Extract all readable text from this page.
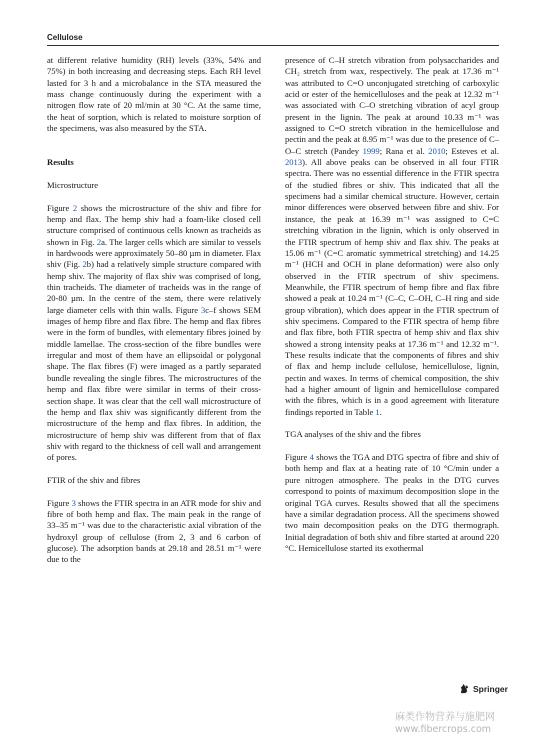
Cellulose

at different relative humidity (RH) levels (33%, 54% and 75%) in both increasing and decreasing steps. Each RH level lasted for 3 h and a microbalance in the STA measured the mass change continuously during the experiment with a nitrogen flow rate of 20 ml/min at 30 °C. At the same time, the heat of sorption, which is related to moisture sorption of the specimens, was also measured by the STA.

Results
Microstructure

Figure 2 shows the microstructure of the shiv and fibre for hemp and flax. The hemp shiv had a foam-like closed cell structure comprised of continuous cells known as tracheids as shown in Fig. 2a. The larger cells which are similar to vessels in hardwoods were approximately 50–80 µm in diameter. Flax shiv (Fig. 2b) had a relatively simple structure compared with hemp shiv. The majority of flax shiv was comprised of long, thin tracheids. The diameter of tracheids was in the range of 20-80 µm. In the centre of the stem, there were relatively large diameter cells with thin walls. Figure 3c–f shows SEM images of hemp fibre and flax fibre. The hemp and flax fibres were in the form of bundles, with elementary fibres joined by middle lamellae. The cross-section of the fibre bundles were irregular and most of them have an ellipsoidal or polygonal shape. The flax fibres (F) were imaged as a partly separated bundle revealing the single fibres. The microstructures of the hemp and flax fibre were similar in terms of their cross-section shape. It was clear that the cell wall microstructure of the hemp and flax shiv was significantly different from the microstructure of the hemp and flax fibres. In addition, the microstructure of hemp shiv was different from that of flax shiv with regard to the thickness of cell wall and arrangement of pores.

FTIR of the shiv and fibres

Figure 3 shows the FTIR spectra in an ATR mode for shiv and fibre of both hemp and flax. The main peak in the range of 33–35 m⁻¹ was due to the characteristic axial vibration of the hydroxyl group of cellulose (from 2, 3 and 6 carbon of glucose). The adsorption bands at 29.18 and 28.51 m⁻¹ were due to the

presence of C–H stretch vibration from polysaccharides and CH₂ stretch from wax, respectively. The peak at 17.36 m⁻¹ was attributed to C=O unconjugated stretching of carboxylic acid or ester of the hemicelluloses and the peak at 12.32 m⁻¹ was associated with C–O stretching vibration of acyl group present in the lignin. The peak at around 10.33 m⁻¹ was assigned to C=O stretch vibration in the hemicellulose and pectin and the peak at 8.95 m⁻¹ was due to the presence of C–O–C stretch (Pandey 1999; Rana et al. 2010; Esteves et al. 2013). All above peaks can be observed in all four FTIR spectra. There was no essential difference in the FTIR spectra of the studied fibres or shiv. This indicated that all the specimens had a similar chemical structure. However, certain minor differences were observed between fibre and shiv. For instance, the peak at 16.39 m⁻¹ was assigned to C=C stretching vibration in the lignin, which is only observed in the FTIR spectrum of hemp shiv and flax shiv. The peaks at 15.06 m⁻¹ (C=C aromatic symmetrical stretching) and 14.25 m⁻¹ (HCH and OCH in plane deformation) were also only observed in the FTIR spectrum of shiv specimens. Meanwhile, the FTIR spectrum of hemp fibre and flax fibre showed a peak at 10.24 m⁻¹ (C–C, C–OH, C–H ring and side group vibration), which does appear in the FTIR spectrum of shiv specimens. Compared to the FTIR spectra of hemp fibre and flax fibre, both FTIR spectra of hemp shiv and flax shiv showed a strong intensity peaks at 17.36 m⁻¹ and 12.32 m⁻¹. These results indicate that the components of fibres and shiv of flax and hemp include cellulose, hemicellulose, lignin, pectin and waxes. In terms of chemical composition, the shiv had a higher amount of lignin and hemicellulose compared with the fibres, which is in a good agreement with literature findings reported in Table 1.

TGA analyses of the shiv and the fibres

Figure 4 shows the TGA and DTG spectra of fibre and shiv of both hemp and flax at a heating rate of 10 °C/min under a pure nitrogen atmosphere. The peaks in the DTG curves correspond to points of maximum decomposition slope in the original TGA curves. Results showed that all the specimens have a similar degradation process. All the specimens showed two main decomposition peaks on the DTG thermograph. Initial degradation of both shiv and fibre started at around 220 °C. Hemicellulose started its exothermal

Springer
麻类作物营养与施肥网
www.fibercrops.com
